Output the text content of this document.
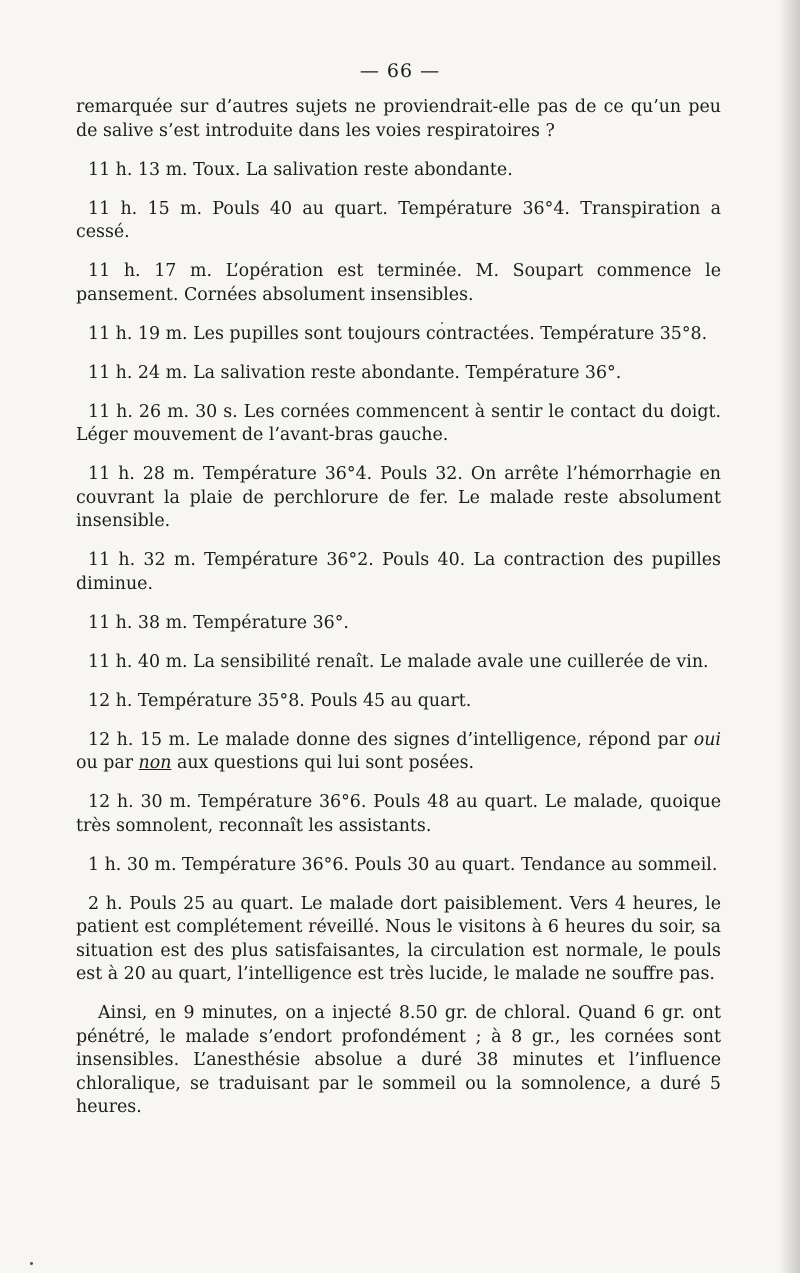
— 66 —

remarquée sur d’autres sujets ne proviendrait-elle pas de ce qu’un peu de salive s’est introduite dans les voies respiratoires ?

11 h. 13 m. Toux. La salivation reste abondante.

11 h. 15 m. Pouls 40 au quart. Température 36°4. Transpiration a cessé.

11 h. 17 m. L’opération est terminée. M. Soupart commence le pansement. Cornées absolument insensibles.

11 h. 19 m. Les pupilles sont toujours contractées. Température 35°8.

11 h. 24 m. La salivation reste abondante. Température 36°.

11 h. 26 m. 30 s. Les cornées commencent à sentir le contact du doigt. Léger mouvement de l’avant-bras gauche.

11 h. 28 m. Température 36°4. Pouls 32. On arrête l’hémorrhagie en couvrant la plaie de perchlorure de fer. Le malade reste absolument insensible.

11 h. 32 m. Température 36°2. Pouls 40. La contraction des pupilles diminue.

11 h. 38 m. Température 36°.

11 h. 40 m. La sensibilité renaît. Le malade avale une cuillerée de vin.

12 h. Température 35°8. Pouls 45 au quart.

12 h. 15 m. Le malade donne des signes d’intelligence, répond par oui ou par non aux questions qui lui sont posées.

12 h. 30 m. Température 36°6. Pouls 48 au quart. Le malade, quoique très somnolent, reconnaît les assistants.

1 h. 30 m. Température 36°6. Pouls 30 au quart. Tendance au sommeil.

2 h. Pouls 25 au quart. Le malade dort paisiblement. Vers 4 heures, le patient est complétement réveillé. Nous le visitons à 6 heures du soir, sa situation est des plus satisfaisantes, la circulation est normale, le pouls est à 20 au quart, l’intelligence est très lucide, le malade ne souffre pas.

Ainsi, en 9 minutes, on a injecté 8.50 gr. de chloral. Quand 6 gr. ont pénétré, le malade s’endort profondément ; à 8 gr., les cornées sont insensibles. L’anesthésie absolue a duré 38 minutes et l’influence chloralique, se traduisant par le sommeil ou la somnolence, a duré 5 heures.
